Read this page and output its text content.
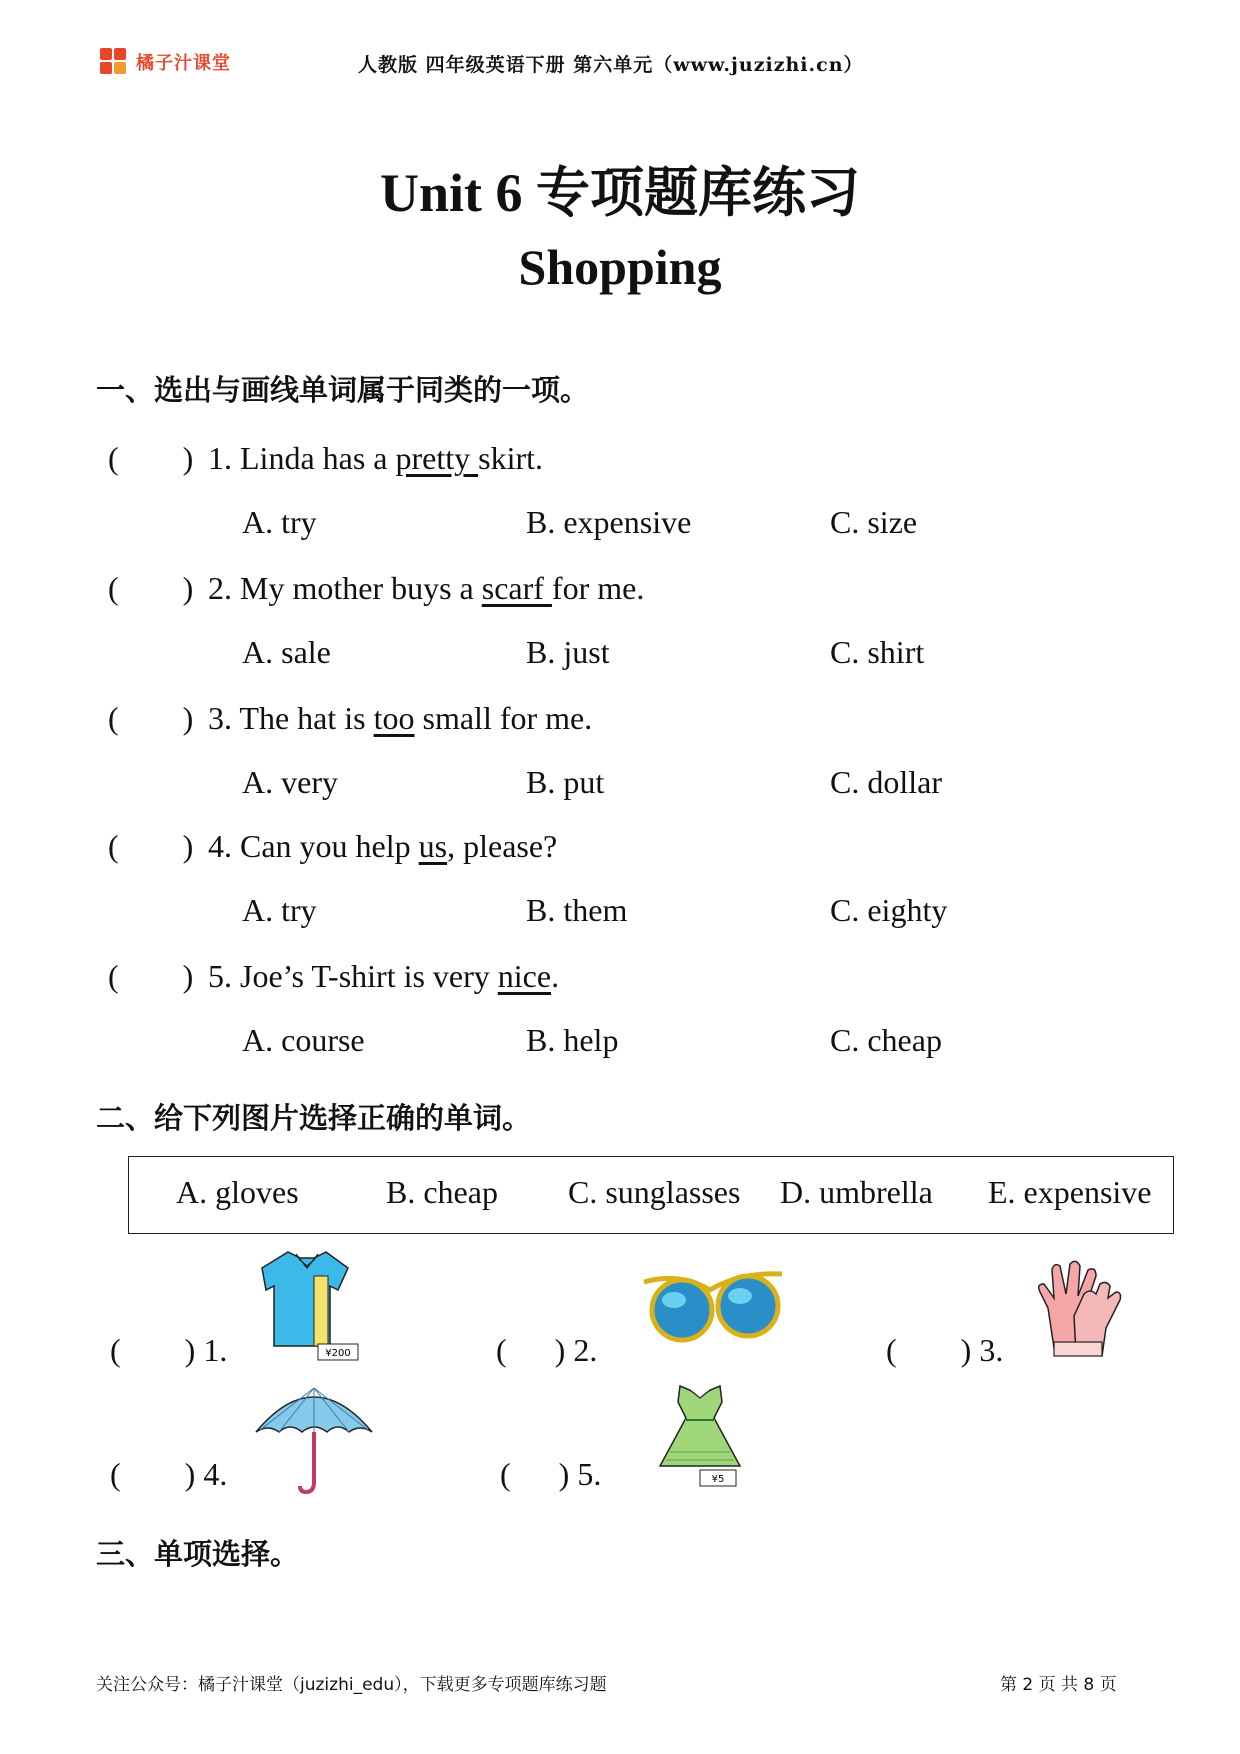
橘子汁课堂	人教版 四年级英语下册 第六单元（www.juzizhi.cn）
Unit 6 专项题库练习
Shopping
一、选出与画线单词属于同类的一项。
(        ) 1. Linda has a pretty skirt.
A. try	B. expensive	C. size
(        ) 2. My mother buys a scarf for me.
A. sale	B. just	C. shirt
(        ) 3. The hat is too small for me.
A. very	B. put	C. dollar
(        ) 4. Can you help us, please?
A. try	B. them	C. eighty
(        ) 5. Joe’s T-shirt is very nice.
A. course	B. help	C. cheap
二、给下列图片选择正确的单词。
A. gloves	B. cheap C. sunglasses D. umbrella E. expensive
(        ) 1.	(      ) 2.	(        ) 3.
(        ) 4.	(      ) 5.
¥200
¥5
三、单项选择。
关注公众号：橘子汁课堂（juzizhi_edu），下载更多专项题库练习题	第 2 页 共 8 页
